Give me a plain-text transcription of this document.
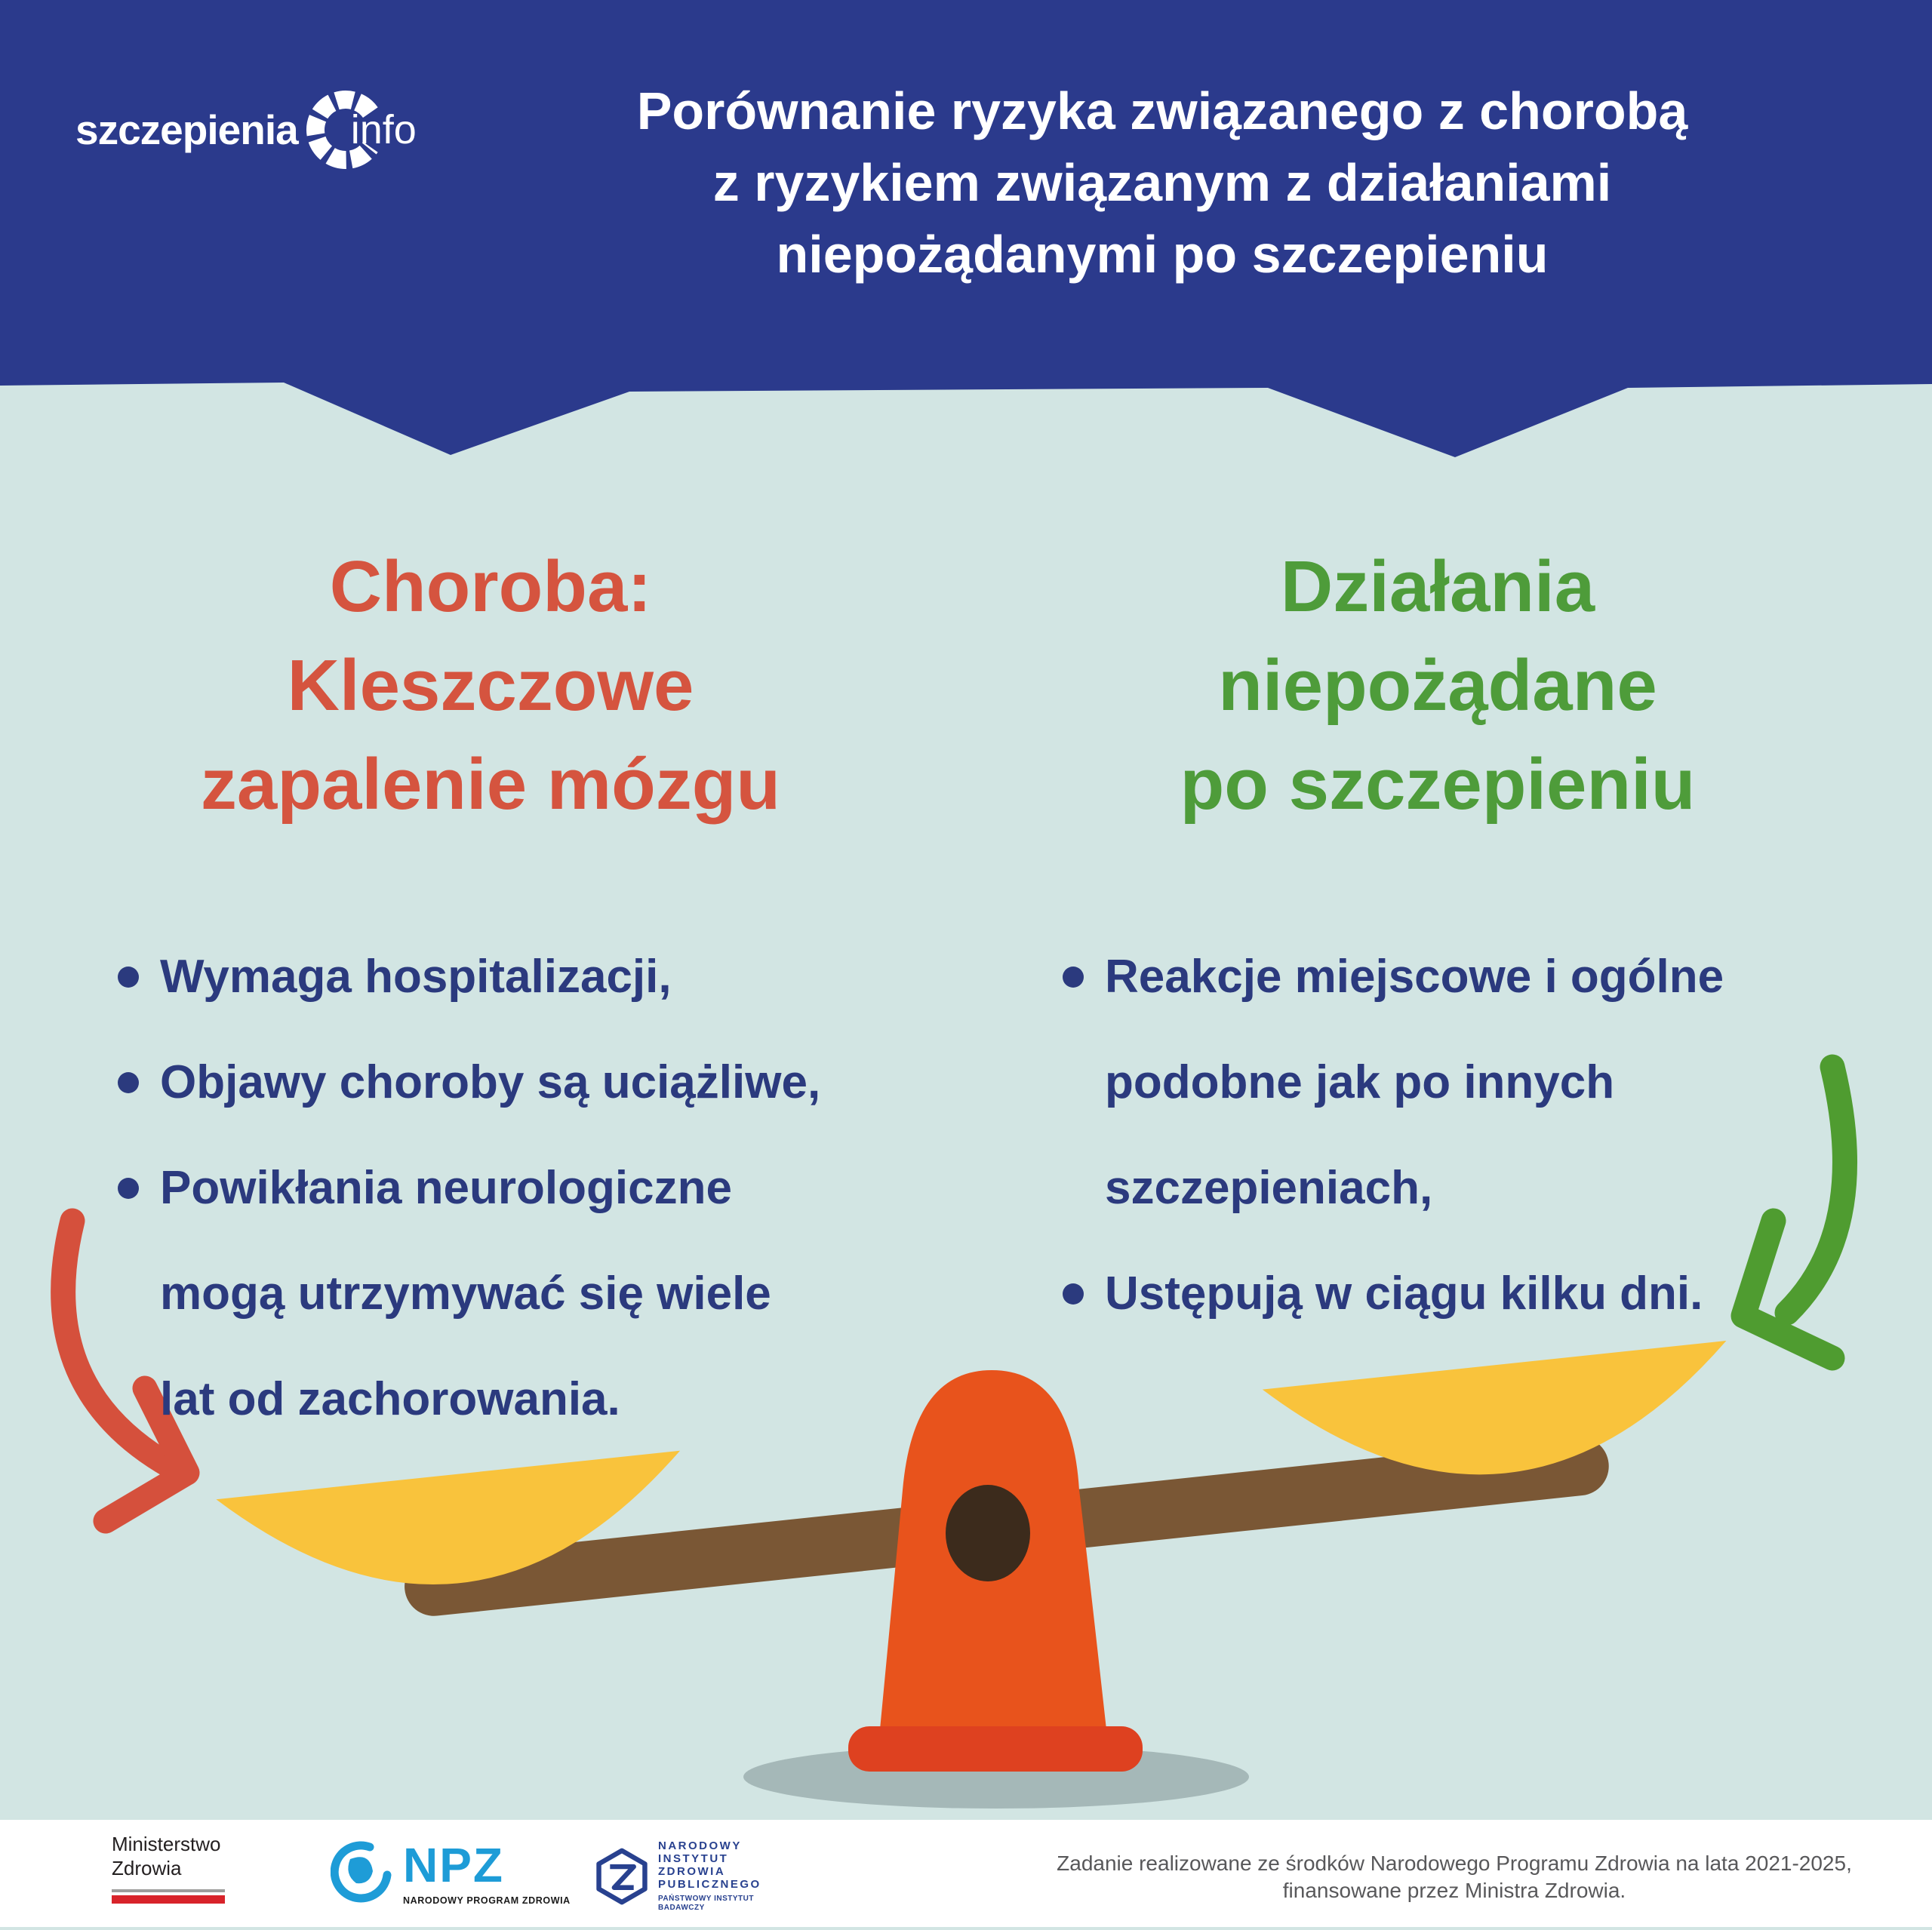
szczepienia info	Porównanie ryzyka związanego z chorobą
z ryzykiem związanym z działaniami
niepożądanymi po szczepieniu
Choroba:
Kleszczowe
zapalenie mózgu
Działania
niepożądane
po szczepieniu
Wymaga hospitalizacji,
Objawy choroby są uciążliwe,
Powikłania neurologiczne
mogą utrzymywać się wiele
lat od zachorowania.
Reakcje miejscowe i ogólne
podobne jak po innych
szczepieniach,
Ustępują w ciągu kilku dni.
Ministerstwo
Zdrowia	NPZ
NARODOWY PROGRAM ZDROWIA
NARODOWY
INSTYTUT
ZDROWIA
PUBLICZNEGO
PAŃSTWOWY INSTYTUT
BADAWCZY
Zadanie realizowane ze środków Narodowego Programu Zdrowia na lata 2021-2025,
finansowane przez Ministra Zdrowia.
